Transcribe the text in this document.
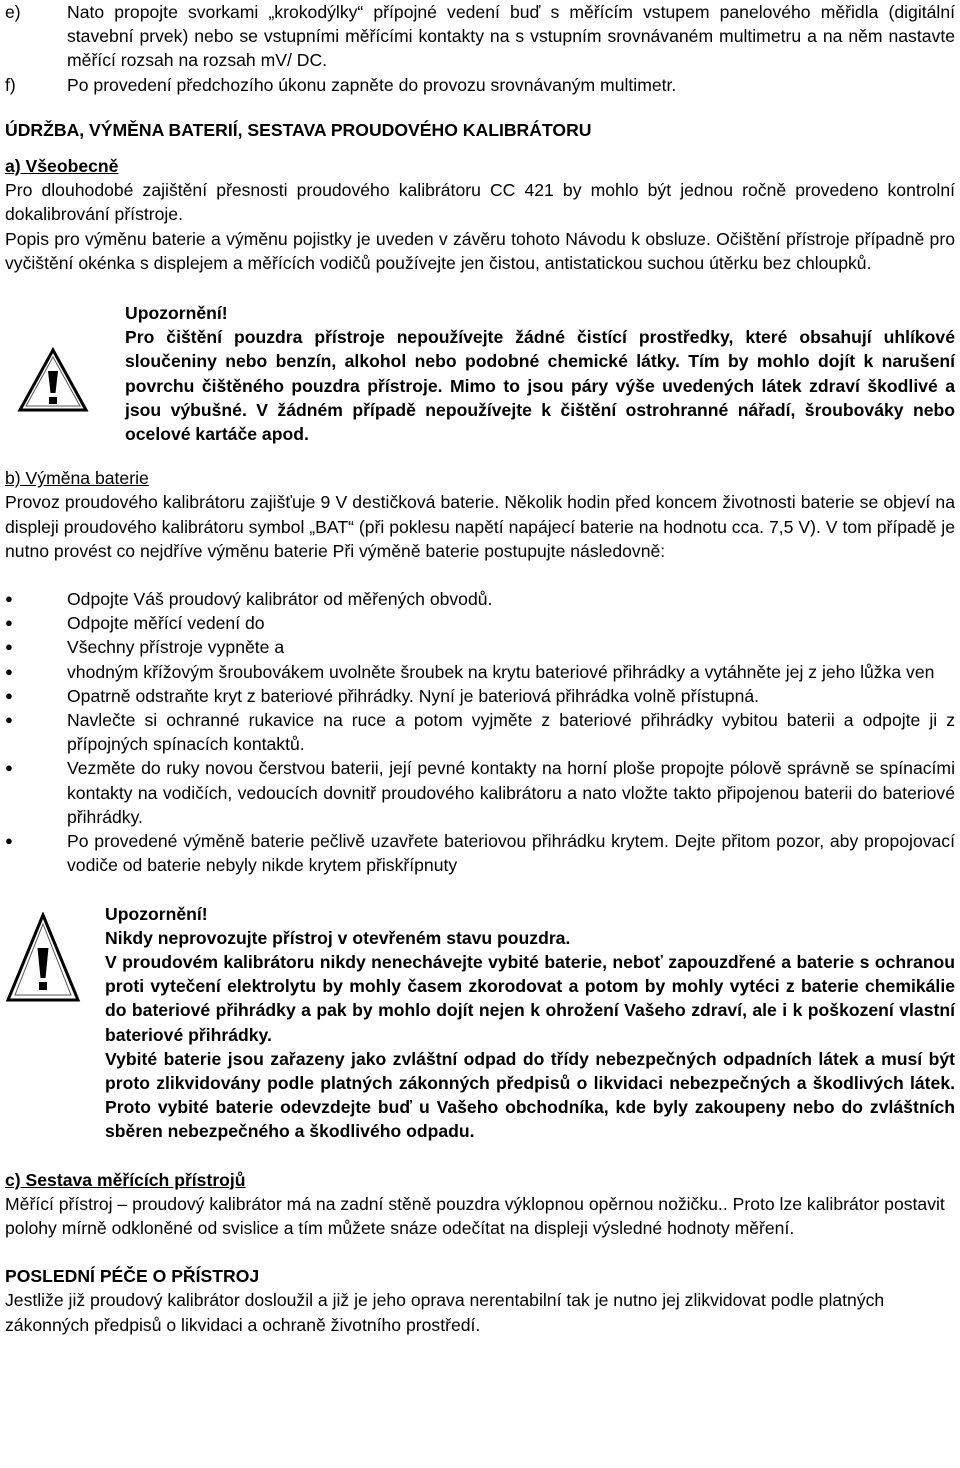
e)	Nato propojte svorkami „krokodýlky“ přípojné vedení buď s měřícím vstupem panelového měřidla (digitální stavební prvek) nebo se vstupními měřícími kontakty na s vstupním srovnávaném multimetru a na něm nastavte měřící rozsah na rozsah mV/ DC.
f)	Po provedení předchozího úkonu zapněte do provozu srovnávaným multimetr.
ÚDRŽBA, VÝMĚNA BATERIÍ, SESTAVA PROUDOVÉHO KALIBRÁTORU
a) Všeobecně
Pro dlouhodobé zajištění přesnosti proudového kalibrátoru CC 421 by mohlo být jednou ročně provedeno kontrolní dokalibrování přístroje.
Popis pro výměnu baterie a výměnu pojistky je uveden v závěru tohoto Návodu k obsluze. Očištění přístroje případně pro vyčištění okénka s displejem a měřících vodičů používejte jen čistou, antistatickou suchou útěrku bez chloupků.
Upozornění!
Pro čištění pouzdra přístroje nepoužívejte žádné čistící prostředky, které obsahují uhlíkové sloučeniny nebo benzín, alkohol nebo podobné chemické látky. Tím by mohlo dojít k narušení povrchu čištěného pouzdra přístroje. Mimo to jsou páry výše uvedených látek zdraví škodlivé a jsou výbušné. V žádném případě nepoužívejte k čištění ostrohranné nářadí, šroubováky nebo ocelové kartáče apod.
b) Výměna baterie
Provoz proudového kalibrátoru zajišťuje 9 V destičková baterie. Několik hodin před koncem životnosti baterie se objeví na displeji proudového kalibrátoru symbol „BAT“ (při poklesu napětí napájecí baterie na hodnotu cca. 7,5 V). V tom případě je nutno provést co nejdříve výměnu baterie Při výměně baterie postupujte následovně:
●	Odpojte Váš proudový kalibrátor od měřených obvodů.
●	Odpojte měřící vedení do
●	Všechny přístroje vypněte a
●	vhodným křížovým šroubovákem uvolněte šroubek na krytu bateriové přihrádky a vytáhněte jej z jeho lůžka ven
●	Opatrně odstraňte kryt z bateriové přihrádky. Nyní je bateriová přihrádka volně přístupná.
●	Navlečte si ochranné rukavice na ruce a potom vyjměte z bateriové přihrádky vybitou baterii a odpojte ji z přípojných spínacích kontaktů.
●	Vezměte do ruky novou čerstvou baterii, její pevné kontakty na horní ploše propojte pólově správně se spínacími kontakty na vodičích, vedoucích dovnitř proudového kalibrátoru a nato vložte takto připojenou baterii do bateriové přihrádky.
●	Po provedené výměně baterie pečlivě uzavřete bateriovou přihrádku krytem. Dejte přitom pozor, aby propojovací vodiče od baterie nebyly nikde krytem přiskřípnuty
Upozornění!
Nikdy neprovozujte přístroj v otevřeném stavu pouzdra.
V proudovém kalibrátoru nikdy nenechávejte vybité baterie, neboť zapouzdřené a baterie s ochranou proti vytečení elektrolytu by mohly časem zkorodovat a potom by mohly vytéci z baterie chemikálie do bateriové přihrádky a pak by mohlo dojít nejen k ohrožení Vašeho zdraví, ale i k poškození vlastní bateriové přihrádky.
Vybité baterie jsou zařazeny jako zvláštní odpad do třídy nebezpečných odpadních látek a musí být proto zlikvidovány podle platných zákonných předpisů o likvidaci nebezpečných a škodlivých látek. Proto vybité baterie odevzdejte buď u Vašeho obchodníka, kde byly zakoupeny nebo do zvláštních sběren nebezpečného a škodlivého odpadu.
c) Sestava měřících přístrojů
Měřící přístroj – proudový kalibrátor má na zadní stěně pouzdra výklopnou opěrnou nožičku.. Proto lze kalibrátor postavit polohy mírně odkloněné od svislice a tím můžete snáze odečítat na displeji výsledné hodnoty měření.
POSLEDNÍ PÉČE O PŘÍSTROJ
Jestliže již proudový kalibrátor dosloužil a již je jeho oprava nerentabilní tak je nutno jej zlikvidovat podle platných zákonných předpisů o likvidaci a ochraně životního prostředí.
